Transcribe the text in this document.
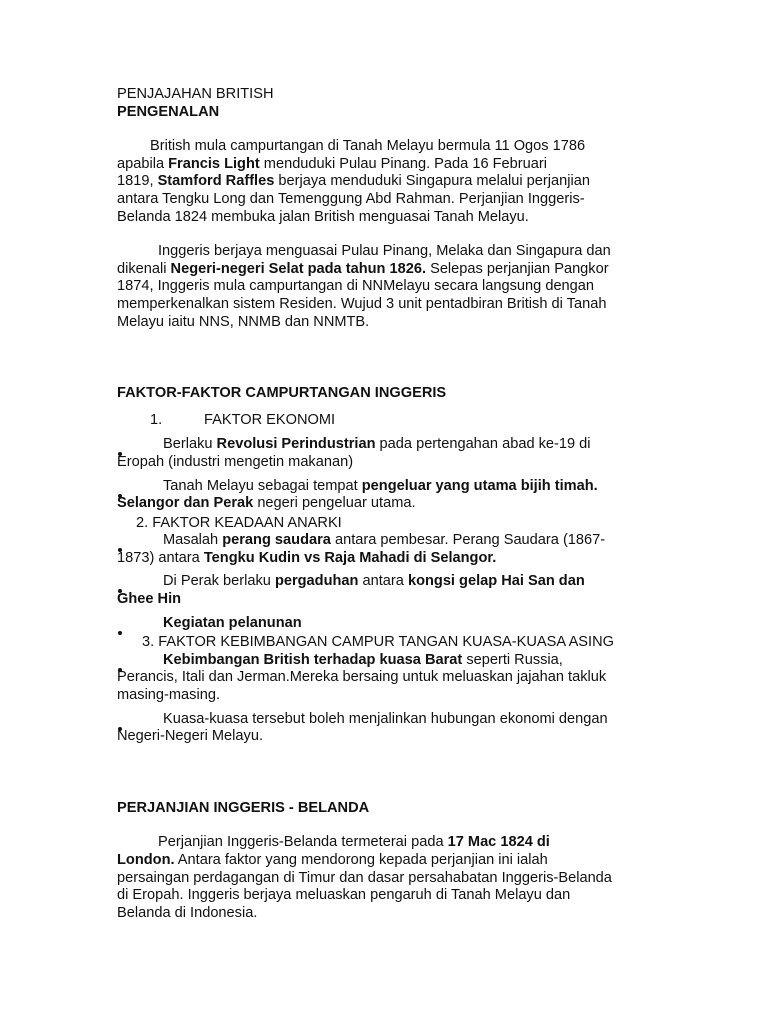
PENJAJAHAN BRITISH
PENGENALAN
British mula campurtangan di Tanah Melayu bermula 11 Ogos 1786
apabila Francis Light menduduki Pulau Pinang. Pada 16 Februari
1819, Stamford Raffles berjaya menduduki Singapura melalui perjanjian
antara Tengku Long dan Temenggung Abd Rahman. Perjanjian Inggeris-
Belanda 1824 membuka jalan British menguasai Tanah Melayu.
Inggeris berjaya menguasai Pulau Pinang, Melaka dan Singapura dan
dikenali Negeri-negeri Selat pada tahun 1826. Selepas perjanjian Pangkor
1874, Inggeris mula campurtangan di NNMelayu secara langsung dengan
memperkenalkan sistem Residen. Wujud 3 unit pentadbiran British di Tanah
Melayu iaitu NNS, NNMB dan NNMTB.
FAKTOR-FAKTOR CAMPURTANGAN INGGERIS
1.	FAKTOR EKONOMI
Berlaku Revolusi Perindustrian pada pertengahan abad ke-19 di
Eropah (industri mengetin makanan)
Tanah Melayu sebagai tempat pengeluar yang utama bijih timah.
Selangor dan Perak negeri pengeluar utama.
2. FAKTOR KEADAAN ANARKI
Masalah perang saudara antara pembesar. Perang Saudara (1867-
1873) antara Tengku Kudin vs Raja Mahadi di Selangor.
Di Perak berlaku pergaduhan antara kongsi gelap Hai San dan
Ghee Hin
Kegiatan pelanunan
3. FAKTOR KEBIMBANGAN CAMPUR TANGAN KUASA-KUASA ASING
Kebimbangan British terhadap kuasa Barat seperti Russia,
Perancis, Itali dan Jerman.Mereka bersaing untuk meluaskan jajahan takluk
masing-masing.
Kuasa-kuasa tersebut boleh menjalinkan hubungan ekonomi dengan
Negeri-Negeri Melayu.
PERJANJIAN INGGERIS - BELANDA
Perjanjian Inggeris-Belanda termeterai pada 17 Mac 1824 di
London. Antara faktor yang mendorong kepada perjanjian ini ialah
persaingan perdagangan di Timur dan dasar persahabatan Inggeris-Belanda
di Eropah. Inggeris berjaya meluaskan pengaruh di Tanah Melayu dan
Belanda di Indonesia.
